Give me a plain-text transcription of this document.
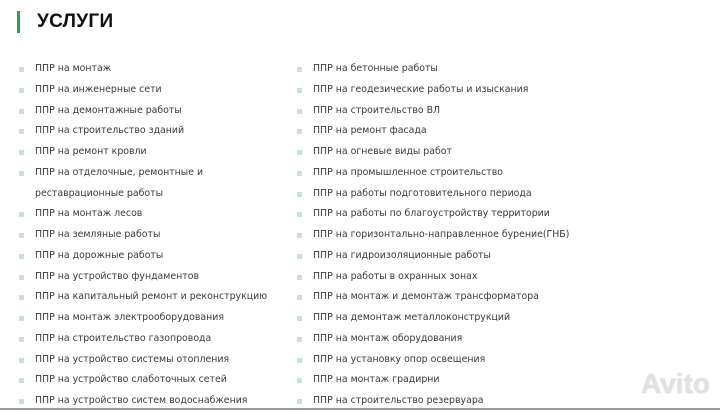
УСЛУГИ
ППР на монтаж
ППР на инженерные сети
ППР на демонтажные работы
ППР на строительство зданий
ППР на ремонт кровли
ППР на отделочные, ремонтные и реставрационные работы
ППР на монтаж лесов
ППР на земляные работы
ППР на дорожные работы
ППР на устройство фундаментов
ППР на капитальный ремонт и реконструкцию
ППР на монтаж электрооборудования
ППР на строительство газопровода
ППР на устройство системы отопления
ППР на устройство слаботочных сетей
ППР на устройство систем водоснабжения
ППР на бетонные работы
ППР на геодезические работы и изыскания
ППР на строительство ВЛ
ППР на ремонт фасада
ППР на огневые виды работ
ППР на промышленное строительство
ППР на работы подготовительного периода
ППР на работы по благоустройству территории
ППР на горизонтально-направленное бурение(ГНБ)
ППР на гидроизоляционные работы
ППР на работы в охранных зонах
ППР на монтаж и демонтаж трансформатора
ППР на демонтаж металлоконструкций
ППР на монтаж оборудования
ППР на установку опор освещения
ППР на монтаж градирни
ППР на строительство резервуара
Avito
